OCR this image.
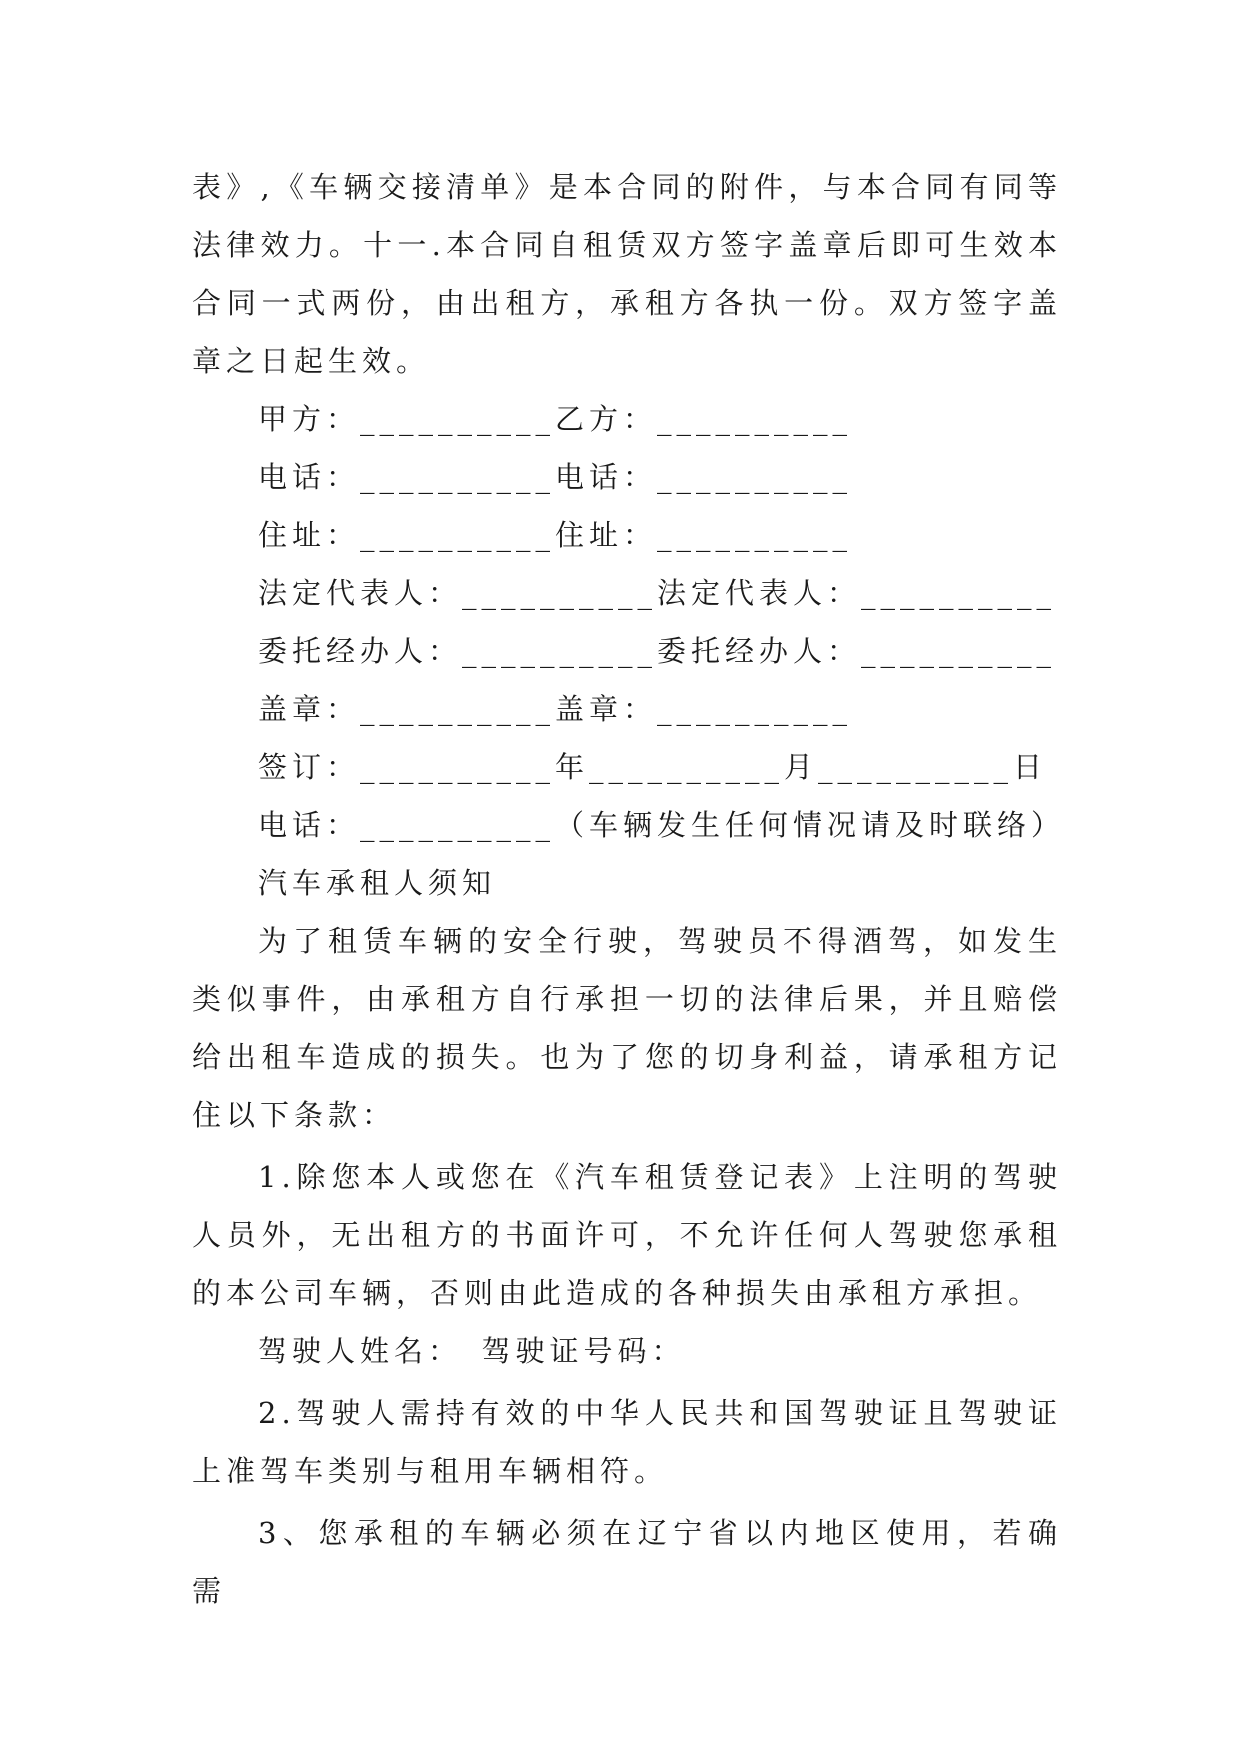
表》,《车辆交接清单》是本合同的附件，与本合同有同等法律效力。十一.本合同自租赁双方签字盖章后即可生效本合同一式两份，由出租方，承租方各执一份。双方签字盖章之日起生效。

甲方：__________乙方：__________
电话：__________电话：__________
住址：__________住址：__________
法定代表人：__________法定代表人：__________
委托经办人：__________委托经办人：__________
盖章：__________盖章：__________
签订：__________年__________月__________日
电话：__________（车辆发生任何情况请及时联络）

汽车承租人须知

为了租赁车辆的安全行驶，驾驶员不得酒驾，如发生类似事件，由承租方自行承担一切的法律后果，并且赔偿给出租车造成的损失。也为了您的切身利益，请承租方记住以下条款：

1.除您本人或您在《汽车租赁登记表》上注明的驾驶人员外，无出租方的书面许可，不允许任何人驾驶您承租的本公司车辆，否则由此造成的各种损失由承租方承担。

驾驶人姓名：　驾驶证号码：

2.驾驶人需持有效的中华人民共和国驾驶证且驾驶证上准驾车类别与租用车辆相符。

3、您承租的车辆必须在辽宁省以内地区使用，若确需
